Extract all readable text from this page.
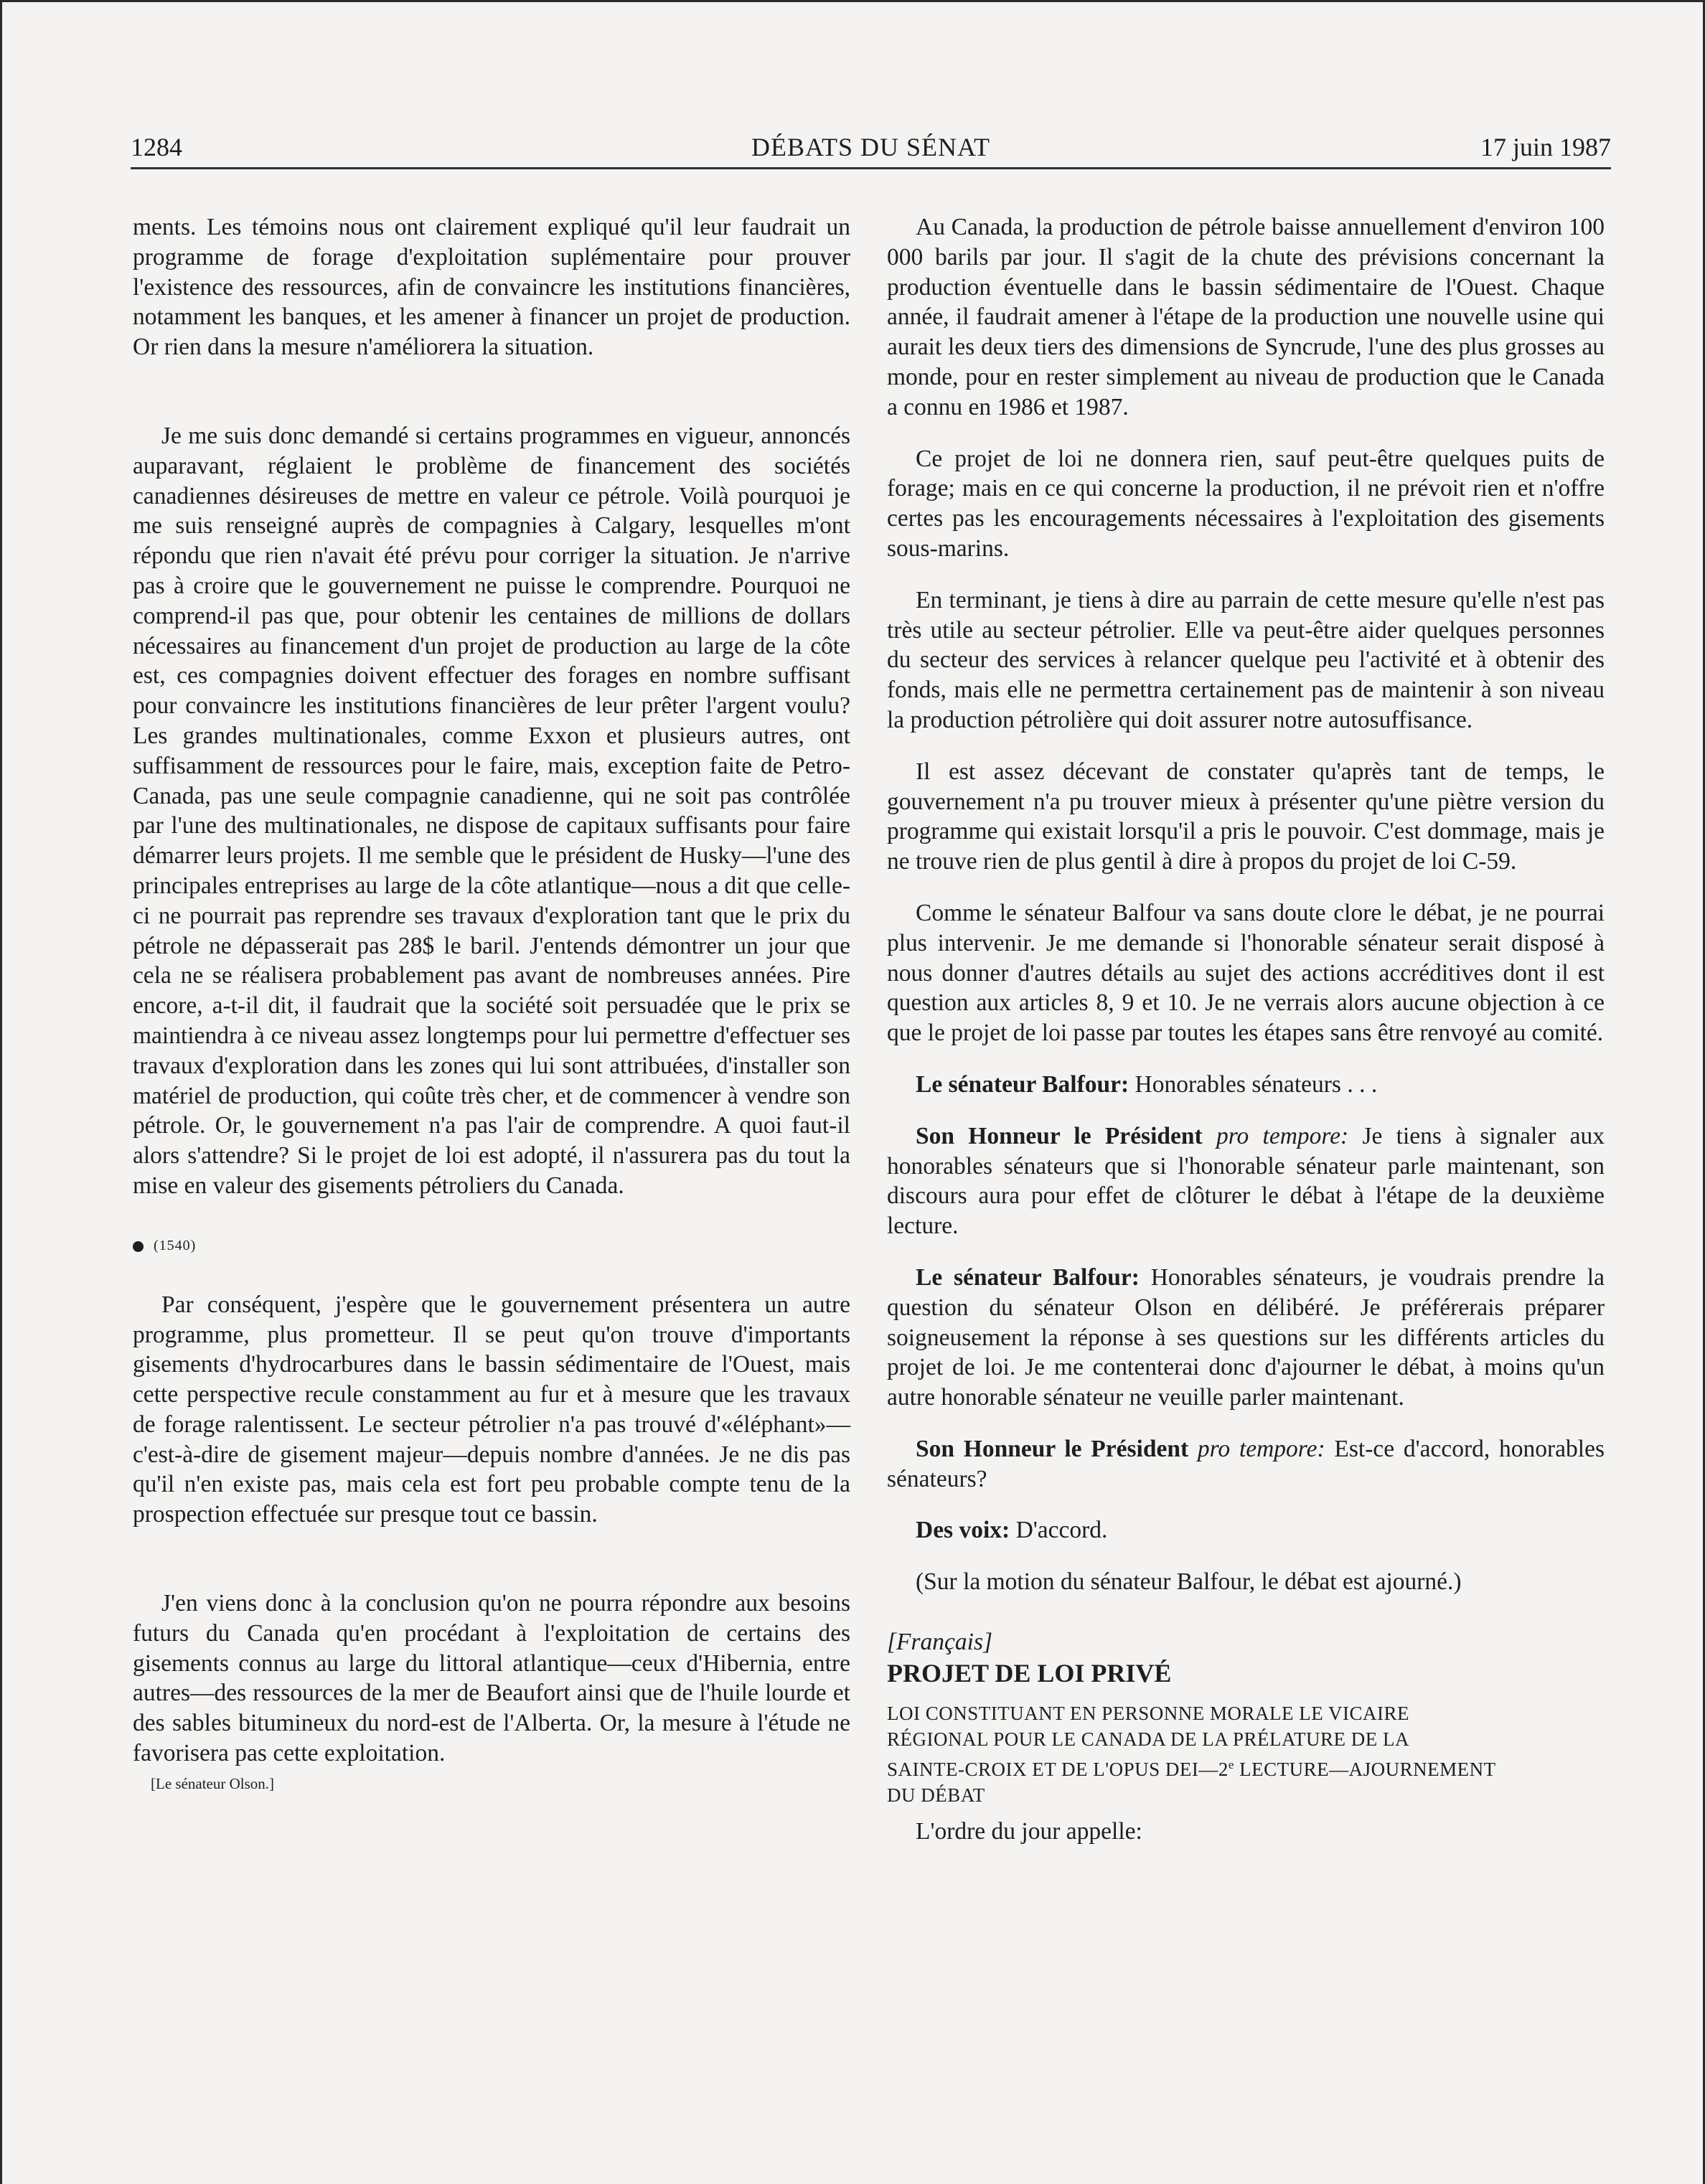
1284	DÉBATS DU SÉNAT	17 juin 1987

ments. Les témoins nous ont clairement expliqué qu'il leur faudrait un programme de forage d'exploitation suplémentaire pour prouver l'existence des ressources, afin de convaincre les institutions financières, notamment les banques, et les amener à financer un projet de production. Or rien dans la mesure n'améliorera la situation.

Je me suis donc demandé si certains programmes en vigueur, annoncés auparavant, réglaient le problème de financement des sociétés canadiennes désireuses de mettre en valeur ce pétrole. Voilà pourquoi je me suis renseigné auprès de compagnies à Calgary, lesquelles m'ont répondu que rien n'avait été prévu pour corriger la situation. Je n'arrive pas à croire que le gouvernement ne puisse le comprendre. Pourquoi ne comprend-il pas que, pour obtenir les centaines de millions de dollars nécessaires au financement d'un projet de production au large de la côte est, ces compagnies doivent effectuer des forages en nombre suffisant pour convaincre les institutions financières de leur prêter l'argent voulu? Les grandes multinationales, comme Exxon et plusieurs autres, ont suffisamment de ressources pour le faire, mais, exception faite de Petro-Canada, pas une seule compagnie canadienne, qui ne soit pas contrôlée par l'une des multinationales, ne dispose de capitaux suffisants pour faire démarrer leurs projets. Il me semble que le président de Husky—l'une des principales entreprises au large de la côte atlantique—nous a dit que celle-ci ne pourrait pas reprendre ses travaux d'exploration tant que le prix du pétrole ne dépasserait pas 28$ le baril. J'entends démontrer un jour que cela ne se réalisera probablement pas avant de nombreuses années. Pire encore, a-t-il dit, il faudrait que la société soit persuadée que le prix se maintiendra à ce niveau assez longtemps pour lui permettre d'effectuer ses travaux d'exploration dans les zones qui lui sont attribuées, d'installer son matériel de production, qui coûte très cher, et de commencer à vendre son pétrole. Or, le gouvernement n'a pas l'air de comprendre. A quoi faut-il alors s'attendre? Si le projet de loi est adopté, il n'assurera pas du tout la mise en valeur des gisements pétroliers du Canada.

(1540)

Par conséquent, j'espère que le gouvernement présentera un autre programme, plus prometteur. Il se peut qu'on trouve d'importants gisements d'hydrocarbures dans le bassin sédimentaire de l'Ouest, mais cette perspective recule constamment au fur et à mesure que les travaux de forage ralentissent. Le secteur pétrolier n'a pas trouvé d'«éléphant»—c'est-à-dire de gisement majeur—depuis nombre d'années. Je ne dis pas qu'il n'en existe pas, mais cela est fort peu probable compte tenu de la prospection effectuée sur presque tout ce bassin.

J'en viens donc à la conclusion qu'on ne pourra répondre aux besoins futurs du Canada qu'en procédant à l'exploitation de certains des gisements connus au large du littoral atlantique—ceux d'Hibernia, entre autres—des ressources de la mer de Beaufort ainsi que de l'huile lourde et des sables bitumineux du nord-est de l'Alberta. Or, la mesure à l'étude ne favorisera pas cette exploitation.

[Le sénateur Olson.]

Au Canada, la production de pétrole baisse annuellement d'environ 100 000 barils par jour. Il s'agit de la chute des prévisions concernant la production éventuelle dans le bassin sédimentaire de l'Ouest. Chaque année, il faudrait amener à l'étape de la production une nouvelle usine qui aurait les deux tiers des dimensions de Syncrude, l'une des plus grosses au monde, pour en rester simplement au niveau de production que le Canada a connu en 1986 et 1987.

Ce projet de loi ne donnera rien, sauf peut-être quelques puits de forage; mais en ce qui concerne la production, il ne prévoit rien et n'offre certes pas les encouragements nécessaires à l'exploitation des gisements sous-marins.

En terminant, je tiens à dire au parrain de cette mesure qu'elle n'est pas très utile au secteur pétrolier. Elle va peut-être aider quelques personnes du secteur des services à relancer quelque peu l'activité et à obtenir des fonds, mais elle ne permettra certainement pas de maintenir à son niveau la production pétrolière qui doit assurer notre autosuffisance.

Il est assez décevant de constater qu'après tant de temps, le gouvernement n'a pu trouver mieux à présenter qu'une piètre version du programme qui existait lorsqu'il a pris le pouvoir. C'est dommage, mais je ne trouve rien de plus gentil à dire à propos du projet de loi C-59.

Comme le sénateur Balfour va sans doute clore le débat, je ne pourrai plus intervenir. Je me demande si l'honorable sénateur serait disposé à nous donner d'autres détails au sujet des actions accréditives dont il est question aux articles 8, 9 et 10. Je ne verrais alors aucune objection à ce que le projet de loi passe par toutes les étapes sans être renvoyé au comité.

Le sénateur Balfour: Honorables sénateurs . . .

Son Honneur le Président pro tempore: Je tiens à signaler aux honorables sénateurs que si l'honorable sénateur parle maintenant, son discours aura pour effet de clôturer le débat à l'étape de la deuxième lecture.

Le sénateur Balfour: Honorables sénateurs, je voudrais prendre la question du sénateur Olson en délibéré. Je préférerais préparer soigneusement la réponse à ses questions sur les différents articles du projet de loi. Je me contenterai donc d'ajourner le débat, à moins qu'un autre honorable sénateur ne veuille parler maintenant.

Son Honneur le Président pro tempore: Est-ce d'accord, honorables sénateurs?

Des voix: D'accord.

(Sur la motion du sénateur Balfour, le débat est ajourné.)

[Français]

PROJET DE LOI PRIVÉ

LOI CONSTITUANT EN PERSONNE MORALE LE VICAIRE

RÉGIONAL POUR LE CANADA DE LA PRÉLATURE DE LA

SAINTE-CROIX ET DE L'OPUS DEI—2e LECTURE—AJOURNEMENT

DU DÉBAT

L'ordre du jour appelle:
